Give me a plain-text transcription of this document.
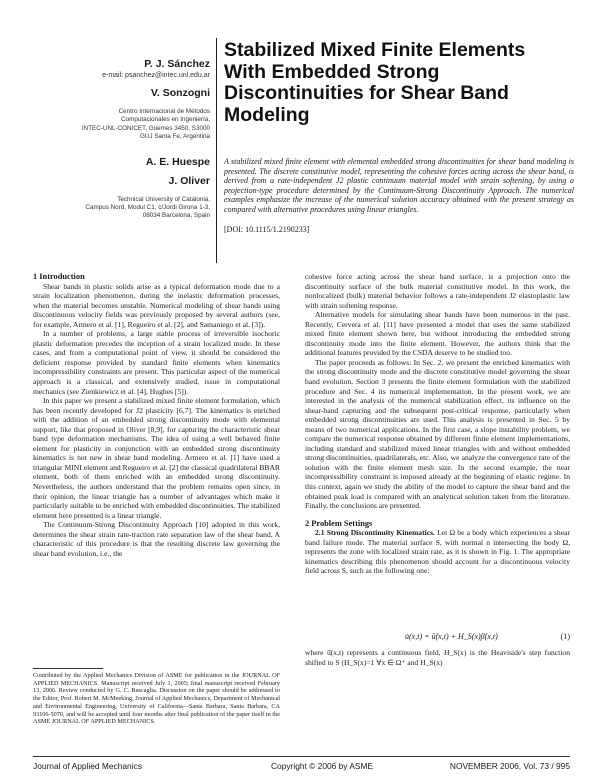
P. J. Sánchez
e-mail: psanchez@intec.unl.edu.ar
V. Sonzogni
Centro Internacional de Métodos
Computacionales en Ingeniería,
INTEC-UNL-CONICET, Güemes 3450, S3000
GUJ Santa Fe, Argentina
A. E. Huespe
J. Oliver
Technical University of Catalonia,
Campus Nord, Modul C1, c/Jordi Girona 1-3,
08034 Barcelona, Spain
Stabilized Mixed Finite Elements
With Embedded Strong
Discontinuities for Shear Band
Modeling
A stabilized mixed finite element with elemental embedded strong discontinuities for shear band modeling is presented. The discrete constitutive model, representing the cohesive forces acting across the shear band, is derived from a rate-independent J2 plastic continuum material model with strain softening, by using a projection-type procedure determined by the Continuum-Strong Discontinuity Approach. The numerical examples emphasize the increase of the numerical solution accuracy obtained with the present strategy as compared with alternative procedures using linear triangles.
[DOI: 10.1115/1.2190233]

1 Introduction

Shear bands in plastic solids arise as a typical deformation mode due to a strain localization phenomenon, during the inelastic deformation processes, when the material becomes unstable. Numerical modeling of shear bands using discontinuous velocity fields was previously proposed by several authors (see, for example, Armero et al. [1], Regueiro et al. [2], and Samaniego et al. [3]).

In a number of problems, a large stable process of irreversible isochoric plastic deformation precedes the inception of a strain localized mode. In these cases, and from a computational point of view, it should be considered the deficient response provided by standard finite elements when kinematics incompressibility constraints are present. This particular aspect of the numerical approach is a classical, and extensively studied, issue in computational mechanics (see Zienkiewicz et al. [4], Hughes [5]).

In this paper we present a stabilized mixed finite element formulation, which has been recently developed for J2 plasticity [6,7]. The kinematics is enriched with the addition of an embedded strong discontinuity mode with elemental support, like that proposed in Oliver [8,9], for capturing the characteristic shear band type deformation mechanisms. The idea of using a well behaved finite element for plasticity in conjunction with an embedded strong discontinuity kinematics is not new in shear band modeling. Armero et al. [1] have used a triangular MINI element and Regueiro et al. [2] the classical quadrilateral BBAR element, both of them enriched with an embedded strong discontinuity. Nevertheless, the authors understand that the problem remains open since, in their opinion, the linear triangle has a number of advantages which make it particularly suitable to be enriched with embedded discontinuities. The stabilized element here presented is a linear triangle.

The Continuum-Strong Discontinuity Approach [10] adopted in this work, determines the shear strain rate-traction rate separation law of the shear band. A characteristic of this procedure is that the resulting discrete law governing the shear band evolution, i.e., the

Contributed by the Applied Mechanics Division of ASME for publication in the JOURNAL OF APPLIED MECHANICS. Manuscript received July 1, 2005; final manuscript received February 13, 2006. Review conducted by G. C. Buscaglia. Discussion on the paper should be addressed to the Editor, Prof. Robert M. McMeeking, Journal of Applied Mechanics, Department of Mechanical and Environmental Engineering, University of California—Santa Barbara, Santa Barbara, CA 93106-5070, and will be accepted until four months after final publication of the paper itself in the ASME JOURNAL OF APPLIED MECHANICS.

cohesive force acting across the shear band surface, is a projection onto the discontinuity surface of the bulk material constitutive model. In this work, the nonlocalized (bulk) material behavior follows a rate-independent J2 elastoplastic law with strain softening response.

Alternative models for simulating shear bands have been numerous in the past. Recently, Cervera et al. [11] have presented a model that uses the same stabilized mixed finite element shown here, but without introducing the embedded strong discontinuity mode into the finite element. However, the authors think that the additional features provided by the CSDA deserve to be studied too.

The paper proceeds as follows: In Sec. 2, we present the enriched kinematics with the strong discontinuity mode and the discrete constitutive model governing the shear band evolution. Section 3 presents the finite element formulation with the stabilized procedure and Sec. 4 its numerical implementation. In the present work, we are interested in the analysis of the numerical stabilization effect, its influence on the shear-band capturing and the subsequent post-critical response, particularly when embedded strong discontinuities are used. This analysis is presented in Sec. 5 by means of two numerical applications. In the first case, a slope instability problem, we compare the numerical response obtained by different finite element implementations, including standard and stabilized mixed linear triangles with and without embedded strong discontinuities, quadrilaterals, etc. Also, we analyze the convergence rate of the solution with the finite element mesh size. In the second example, the near incompressibility constraint is imposed already at the beginning of elastic regime. In this context, again we study the ability of the model to capture the shear band and the obtained peak load is compared with an analytical solution taken from the literature. Finally, the conclusions are presented.

2 Problem Settings

2.1 Strong Discontinuity Kinematics. Let Ω be a body which experiences a shear band failure mode. The material surface S, with normal n intersecting the body Ω, represents the zone with localized strain rate, as it is shown in Fig. 1. The appropriate kinematics describing this phenomenon should account for a discontinuous velocity field across S, such as the following one:

u̇(x,t) = ū̇(x,t) + H_S(x)β̇(x,t)	(1)

where ū̇(x,t) represents a continuous field, H_S(x) is the Heaviside's step function shifted to S (H_S(x)=1 ∀x ∈ Ω⁺ and H_S(x)

Journal of Applied Mechanics	Copyright © 2006 by ASME	NOVEMBER 2006, Vol. 73 / 995
